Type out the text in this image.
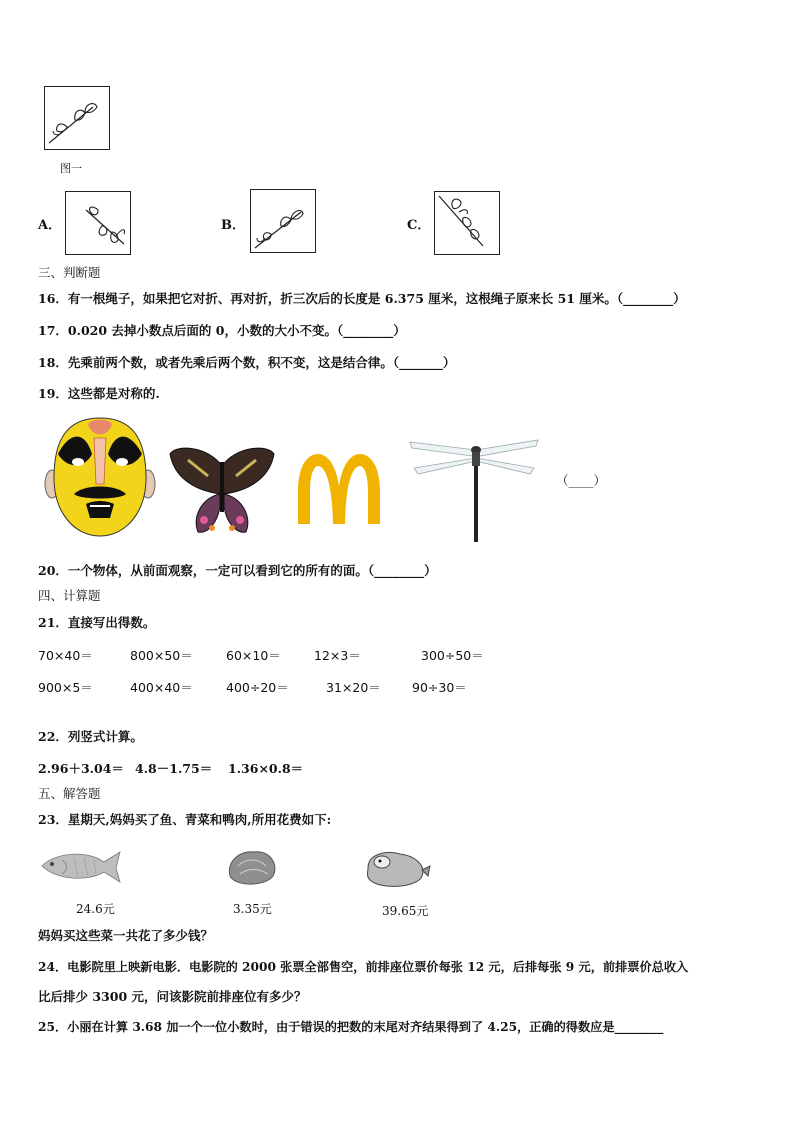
图一
A．	B．	C．
三、判断题
16．有一根绳子，如果把它对折、再对折，折三次后的长度是 6.375 厘米，这根绳子原来长 51 厘米。（________）
17．0.020 去掉小数点后面的 0，小数的大小不变。（________）
18．先乘前两个数，或者先乘后两个数，积不变，这是结合律。（_______）
19．这些都是对称的.
（____）
20．一个物体，从前面观察，一定可以看到它的所有的面。（________）
四、计算题
21．直接写出得数。
70×40＝	800×50＝	60×10＝	12×3＝	300÷50＝
900×5＝	400×40＝	400÷20＝	31×20＝ 90÷30＝
22．列竖式计算。
2.96＋3.04＝ 4.8－1.75＝ 1.36×0.8＝
五、解答题
23．星期天,妈妈买了鱼、青菜和鸭肉,所用花费如下:
24.6元	3.35元	39.65元
妈妈买这些菜一共花了多少钱？
24．电影院里上映新电影．电影院的 2000 张票全部售空，前排座位票价每张 12 元，后排每张 9 元，前排票价总收入
比后排少 3300 元，问该影院前排座位有多少？
25．小丽在计算 3.68 加一个一位小数时，由于错误的把数的末尾对齐结果得到了 4.25，正确的得数应是________
